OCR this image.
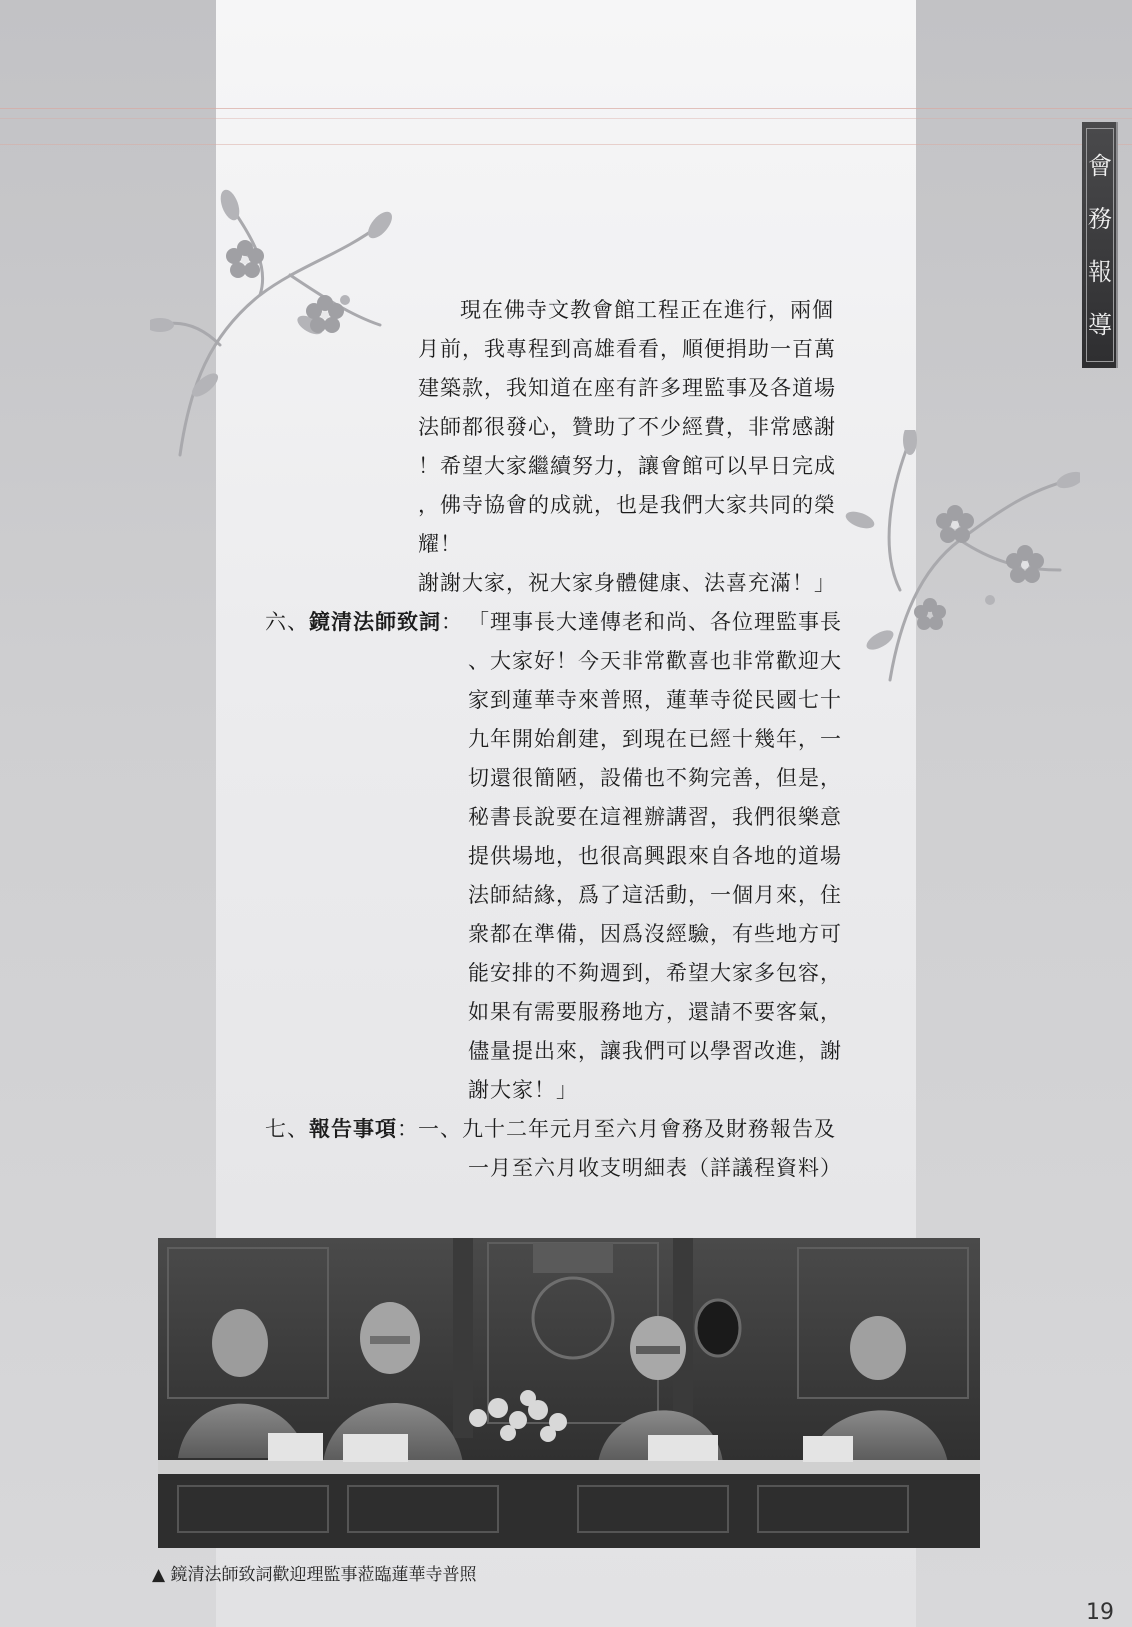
會
務
報
導
現在佛寺文教會館工程正在進行，兩個
月前，我專程到高雄看看，順便捐助一百萬
建築款，我知道在座有許多理監事及各道場
法師都很發心，贊助了不少經費，非常感謝
！希望大家繼續努力，讓會館可以早日完成
，佛寺協會的成就，也是我們大家共同的榮
耀！
謝謝大家，祝大家身體健康、法喜充滿！」
六、鏡清法師致詞： 「理事長大達傳老和尚、各位理監事長
、大家好！今天非常歡喜也非常歡迎大
家到蓮華寺來普照，蓮華寺從民國七十
九年開始創建，到現在已經十幾年，一
切還很簡陋，設備也不夠完善，但是，
秘書長說要在這裡辦講習，我們很樂意
提供場地，也很高興跟來自各地的道場
法師結緣，爲了這活動，一個月來，住
衆都在準備，因爲沒經驗，有些地方可
能安排的不夠週到，希望大家多包容，
如果有需要服務地方，還請不要客氣，
儘量提出來，讓我們可以學習改進，謝
謝大家！」
七、報告事項： 一、九十二年元月至六月會務及財務報告及
一月至六月收支明細表（詳議程資料）
▲ 鏡清法師致詞歡迎理監事蒞臨蓮華寺普照
19
